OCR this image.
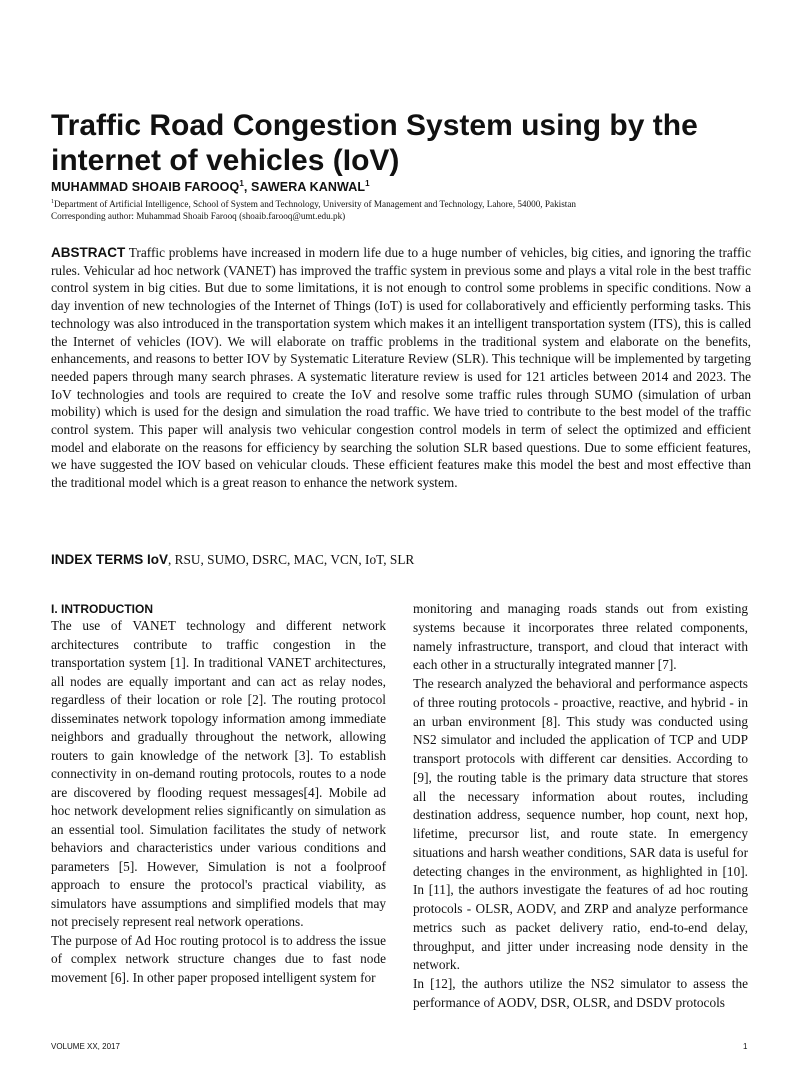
Traffic Road Congestion System using by the internet of vehicles (IoV)
MUHAMMAD SHOAIB FAROOQ$^1$, SAWERA KANWAL$^1$
$^1$Department of Artificial Intelligence, School of System and Technology, University of Management and Technology, Lahore, 54000, Pakistan
Corresponding author: Muhammad Shoaib Farooq (shoaib.farooq@umt.edu.pk)

ABSTRACT Traffic problems have increased in modern life due to a huge number of vehicles, big cities, and ignoring the traffic rules. Vehicular ad hoc network (VANET) has improved the traffic system in previous some and plays a vital role in the best traffic control system in big cities. But due to some limitations, it is not enough to control some problems in specific conditions. Now a day invention of new technologies of the Internet of Things (IoT) is used for collaboratively and efficiently performing tasks. This technology was also introduced in the transportation system which makes it an intelligent transportation system (ITS), this is called the Internet of vehicles (IOV). We will elaborate on traffic problems in the traditional system and elaborate on the benefits, enhancements, and reasons to better IOV by Systematic Literature Review (SLR). This technique will be implemented by targeting needed papers through many search phrases. A systematic literature review is used for 121 articles between 2014 and 2023. The IoV technologies and tools are required to create the IoV and resolve some traffic rules through SUMO (simulation of urban mobility) which is used for the design and simulation the road traffic. We have tried to contribute to the best model of the traffic control system. This paper will analysis two vehicular congestion control models in term of select the optimized and efficient model and elaborate on the reasons for efficiency by searching the solution SLR based questions. Due to some efficient features, we have suggested the IOV based on vehicular clouds. These efficient features make this model the best and most effective than the traditional model which is a great reason to enhance the network system.

INDEX TERMS IoV, RSU, SUMO, DSRC, MAC, VCN, IoT, SLR
I. INTRODUCTION

The use of VANET technology and different network architectures contribute to traffic congestion in the transportation system [1]. In traditional VANET architectures, all nodes are equally important and can act as relay nodes, regardless of their location or role [2]. The routing protocol disseminates network topology information among immediate neighbors and gradually throughout the network, allowing routers to gain knowledge of the network [3]. To establish connectivity in on-demand routing protocols, routes to a node are discovered by flooding request messages[4]. Mobile ad hoc network development relies significantly on simulation as an essential tool. Simulation facilitates the study of network behaviors and characteristics under various conditions and parameters [5]. However, Simulation is not a foolproof approach to ensure the protocol's practical viability, as simulators have assumptions and simplified models that may not precisely represent real network operations.

The purpose of Ad Hoc routing protocol is to address the issue of complex network structure changes due to fast node movement [6]. In other paper proposed intelligent system for

monitoring and managing roads stands out from existing systems because it incorporates three related components, namely infrastructure, transport, and cloud that interact with each other in a structurally integrated manner [7].

The research analyzed the behavioral and performance aspects of three routing protocols - proactive, reactive, and hybrid - in an urban environment [8]. This study was conducted using NS2 simulator and included the application of TCP and UDP transport protocols with different car densities. According to [9], the routing table is the primary data structure that stores all the necessary information about routes, including destination address, sequence number, hop count, next hop, lifetime, precursor list, and route state. In emergency situations and harsh weather conditions, SAR data is useful for detecting changes in the environment, as highlighted in [10]. In [11], the authors investigate the features of ad hoc routing protocols - OLSR, AODV, and ZRP and analyze performance metrics such as packet delivery ratio, end-to-end delay, throughput, and jitter under increasing node density in the network.

In [12], the authors utilize the NS2 simulator to assess the performance of AODV, DSR, OLSR, and DSDV protocols

VOLUME XX, 2017	1
